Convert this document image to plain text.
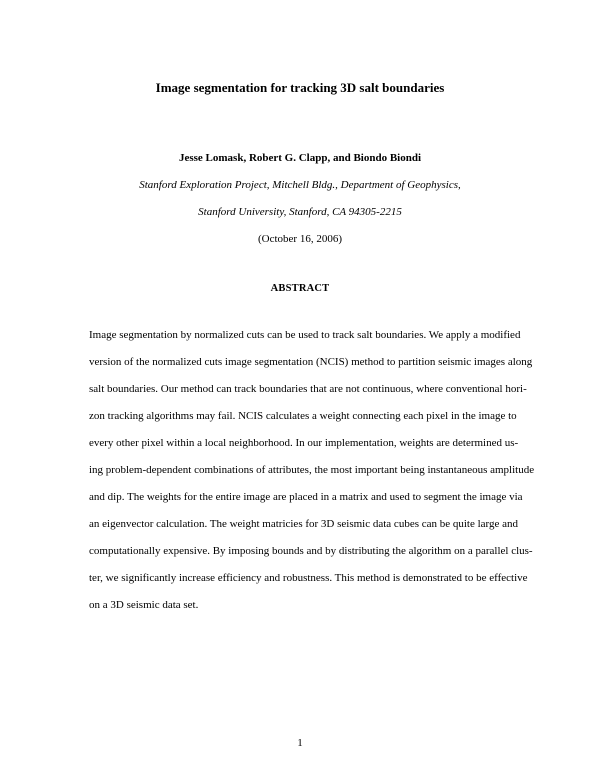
Image segmentation for tracking 3D salt boundaries
Jesse Lomask, Robert G. Clapp, and Biondo Biondi
Stanford Exploration Project, Mitchell Bldg., Department of Geophysics,
Stanford University, Stanford, CA 94305-2215
(October 16, 2006)
ABSTRACT
Image segmentation by normalized cuts can be used to track salt boundaries. We apply a modified
version of the normalized cuts image segmentation (NCIS) method to partition seismic images along
salt boundaries. Our method can track boundaries that are not continuous, where conventional hori-
zon tracking algorithms may fail. NCIS calculates a weight connecting each pixel in the image to
every other pixel within a local neighborhood. In our implementation, weights are determined us-
ing problem-dependent combinations of attributes, the most important being instantaneous amplitude
and dip. The weights for the entire image are placed in a matrix and used to segment the image via
an eigenvector calculation. The weight matricies for 3D seismic data cubes can be quite large and
computationally expensive. By imposing bounds and by distributing the algorithm on a parallel clus-
ter, we significantly increase efficiency and robustness. This method is demonstrated to be effective
on a 3D seismic data set.
1
